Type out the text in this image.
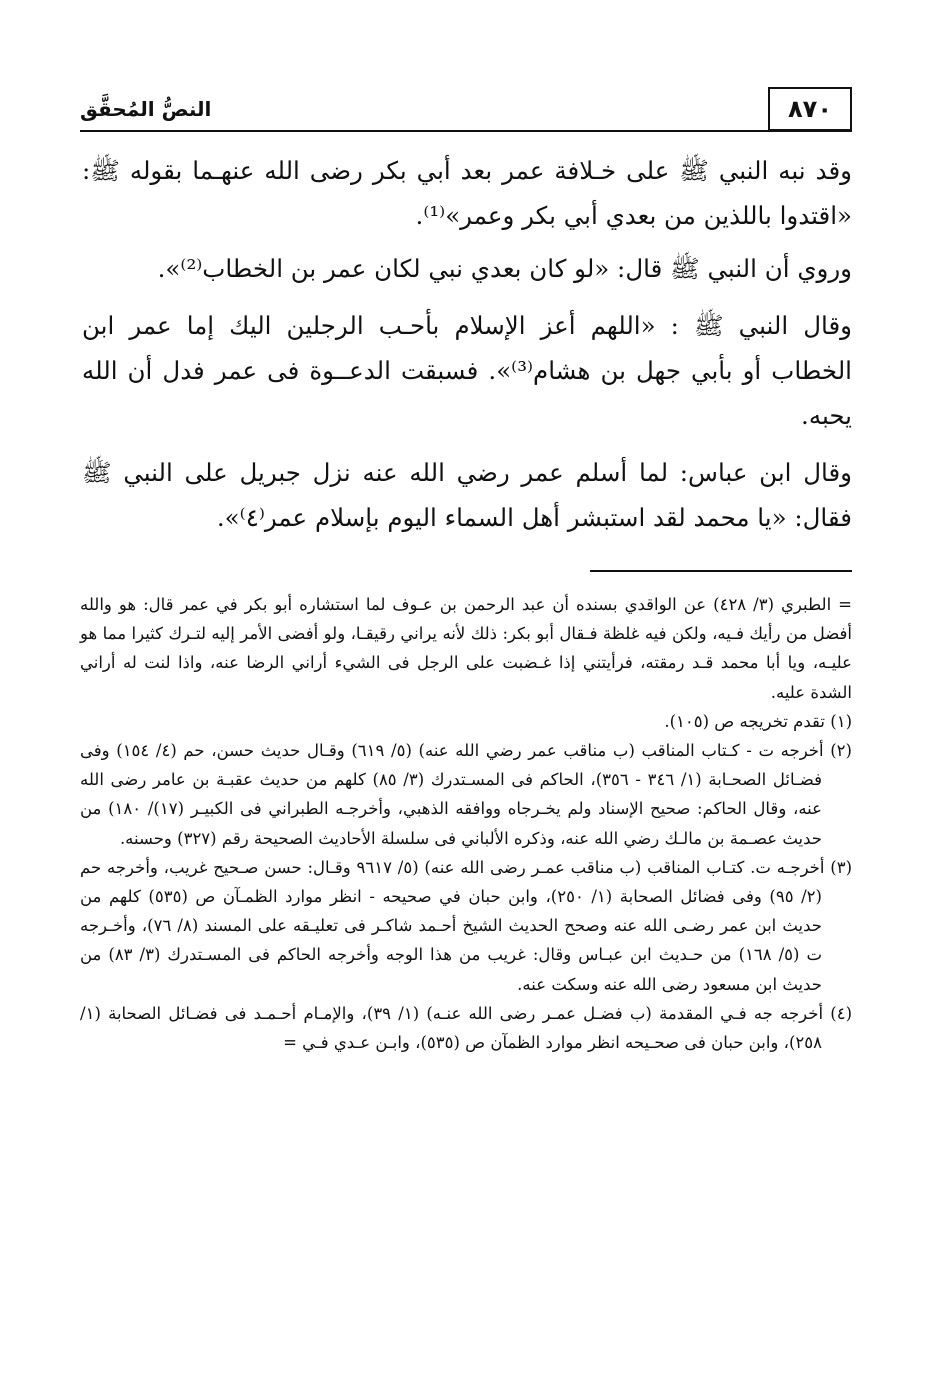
٨٧٠
النصُّ المُحقَّق

وقد نبه النبي ﷺ على خـلافة عمر بعد أبي بكر رضى الله عنهـما بقوله ﷺ: «اقتدوا باللذين من بعدي أبي بكر وعمر»⁽¹⁾.

وروي أن النبي ﷺ قال: «لو كان بعدي نبي لكان عمر بن الخطاب⁽²⁾».

وقال النبي ﷺ : «اللهم أعز الإسلام بأحـب الرجلين اليك إما عمر ابن الخطاب أو بأبي جهل بن هشام⁽³⁾». فسبقت الدعــوة فى عمر فدل أن الله يحبه.

وقال ابن عباس: لما أسلم عمر رضي الله عنه نزل جبريل على النبي ﷺ فقال: «يا محمد لقد استبشر أهل السماء اليوم بإسلام عمر⁽٤⁾».

= الطبري (٣/ ٤٢٨) عن الواقدي بسنده أن عبد الرحمن بن عـوف لما استشاره أبو بكر في عمر قال: هو والله أفضل من رأيك فـيه، ولكن فيه غلظة فـقال أبو بكر: ذلك لأنه يراني رقيقـا، ولو أفضى الأمر إليه لتـرك كثيرا مما هو عليـه، ويا أبا محمد قـد رمقته، فرأيتني إذا غـضبت على الرجل فى الشيء أراني الرضا عنه، واذا لنت له أراني الشدة عليه.

(١) تقدم تخريجه ص (١٠٥).

(٢) أخرجه ت - كـتاب المناقب (ب مناقب عمر رضي الله عنه) (٥/ ٦١٩) وقـال حديث حسن، حم (٤/ ١٥٤) وفى فضـائل الصحـابة (١/ ٣٤٦ - ٣٥٦)، الحاكم فى المسـتدرك (٣/ ٨٥) كلهم من حديث عقبـة بن عامر رضى الله عنه، وقال الحاكم: صحيح الإسناد ولم يخـرجاه ووافقه الذهبي، وأخرجـه الطبراني فى الكبيـر (١٧)/ ١٨٠) من حديث عصـمة بن مالـك رضي الله عنه، وذكره الألباني فى سلسلة الأحاديث الصحيحة رقم (٣٢٧) وحسنه.

(٣) أخرجـه ت. كتـاب المناقب (ب مناقب عمـر رضى الله عنه) (٥/ ٩٦١٧ وقـال: حسن صـحيح غريب، وأخرجه حم (٢/ ٩٥) وفى فضائل الصحابة (١/ ٢٥٠)، وابن حبان في صحيحه - انظر موارد الظمـآن ص (٥٣٥) كلهم من حديث ابن عمر رضـى الله عنه وصحح الحديث الشيخ أحـمد شاكـر فى تعليـقه على المسند (٨/ ٧٦)، وأخـرجه ت (٥/ ١٦٨) من حـديث ابن عبـاس وقال: غريب من هذا الوجه وأخرجه الحاكم فى المسـتدرك (٣/ ٨٣) من حديث ابن مسعود رضى الله عنه وسكت عنه.

(٤) أخرجه جه فـي المقدمة (ب فضـل عمـر رضى الله عنـه) (١/ ٣٩)، والإمـام أحـمـد فى فضـائل الصحابة (١/ ٢٥٨)، وابن حبان فى صحـيحه انظر موارد الظمآن ص (٥٣٥)، وابـن عـدي فـي =
